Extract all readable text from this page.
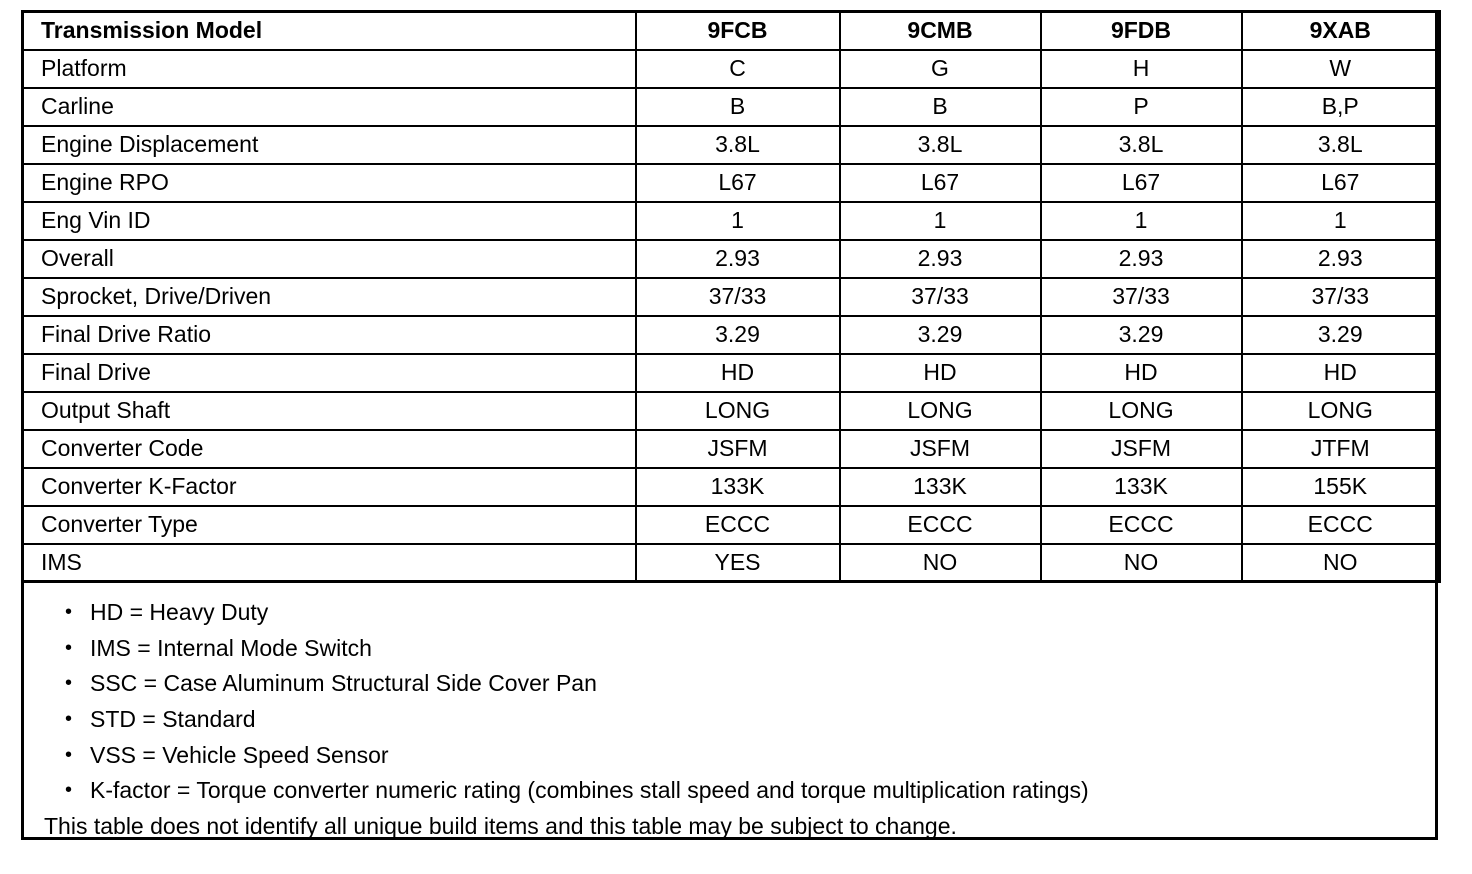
Transmission Model	9FCB	9CMB	9FDB	9XAB
Platform	C	G	H	W
Carline	B	B	P	B,P
Engine Displacement	3.8L	3.8L	3.8L	3.8L
Engine RPO	L67	L67	L67	L67
Eng Vin ID	1	1	1	1
Overall	2.93	2.93	2.93	2.93
Sprocket, Drive/Driven	37/33	37/33	37/33	37/33
Final Drive Ratio	3.29	3.29	3.29	3.29
Final Drive	HD	HD	HD	HD
Output Shaft	LONG	LONG	LONG	LONG
Converter Code	JSFM	JSFM	JSFM	JTFM
Converter K-Factor	133K	133K	133K	155K
Converter Type	ECCC	ECCC	ECCC	ECCC
IMS	YES	NO	NO	NO
• HD = Heavy Duty
• IMS = Internal Mode Switch
• SSC = Case Aluminum Structural Side Cover Pan
• STD = Standard
• VSS = Vehicle Speed Sensor
• K-factor = Torque converter numeric rating (combines stall speed and torque multiplication ratings)
This table does not identify all unique build items and this table may be subject to change.
